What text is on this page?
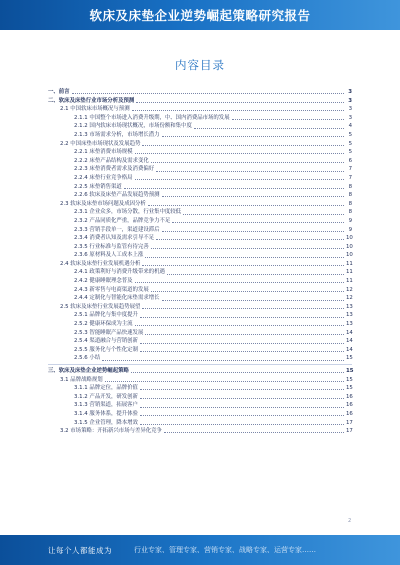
软床及床垫企业逆势崛起策略研究报告
内容目录
一、前言	3
二、软床及床垫行业市场分析及预测	3
2.1 中国软床市场概况与预测	3
2.1.1 中国整个市场进入消费升级期，中、国内消费品市场的发展	3
2.1.2 国内软床市场现状概况，市场份额和集中度	4
2.1.3 市场需求分析，市场增长潜力	5
2.2 中国床垫市场现状及发展趋势	5
2.2.1 床垫消费市场规模	5
2.2.2 床垫产品结构及需求变化	6
2.2.3 床垫消费者需求及消费偏好	7
2.2.4 床垫行业竞争格局	7
2.2.5 床垫销售渠道	8
2.2.6 软床及床垫产品发展趋势预测	8
2.3 软床及床垫市场问题及成因分析	8
2.3.1 企业众多，市场分散，行业集中度较低	8
2.3.2 产品同质化严重，品牌竞争力不足	9
2.3.3 营销手段单一，渠道建设滞后	9
2.3.4 消费者认知及需求引导不足	10
2.3.5 行业标准与监管有待完善	10
2.3.6 原材料及人工成本上涨	10
2.4 软床及床垫行业发展机遇分析	11
2.4.1 政策利好与消费升级带来的机遇	11
2.4.2 健康睡眠理念普及	11
2.4.3 新零售与电商渠道的发展	12
2.4.4 定制化与智能化床垫需求增长	12
2.5 软床及床垫行业发展趋势展望	13
2.5.1 品牌化与集中度提升	13
2.5.2 健康环保成为主流	13
2.5.3 智能睡眠产品快速发展	14
2.5.4 渠道融合与营销创新	14
2.5.5 服务化与个性化定制	14
2.5.6 小结	15
三、软床及床垫企业逆势崛起策略	15
3.1 品牌战略规划	15
3.1.1 品牌定位，品牌价值	15
3.1.2 产品开发，研发创新	16
3.1.3 营销渠道，拓展客户	16
3.1.4 服务体系，提升体验	16
3.1.5 企业管理，降本增效	17
3.2 市场策略：开拓新兴市场与差异化竞争	17
2
让每个人都能成为	行业专家、管理专家、营销专家、战略专家、运营专家……
